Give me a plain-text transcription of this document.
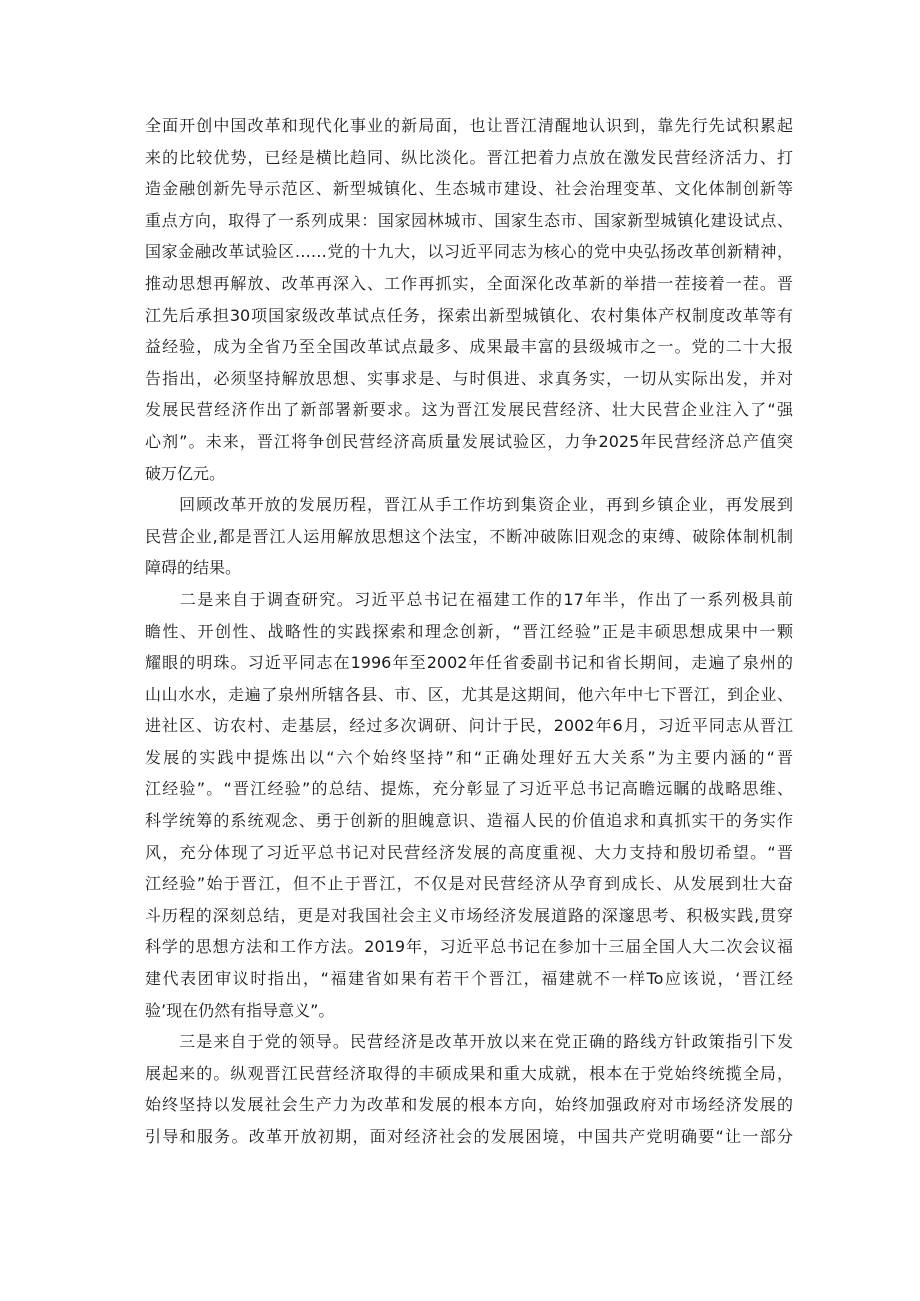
全面开创中国改革和现代化事业的新局面，也让晋江清醒地认识到，靠先行先试积累起
来的比较优势，已经是横比趋同、纵比淡化。晋江把着力点放在激发民营经济活力、打
造金融创新先导示范区、新型城镇化、生态城市建设、社会治理变革、文化体制创新等
重点方向，取得了一系列成果：国家园林城市、国家生态市、国家新型城镇化建设试点、
国家金融改革试验区……党的十九大，以习近平同志为核心的党中央弘扬改革创新精神，
推动思想再解放、改革再深入、工作再抓实，全面深化改革新的举措一茬接着一茬。晋
江先后承担30项国家级改革试点任务，探索出新型城镇化、农村集体产权制度改革等有
益经验，成为全省乃至全国改革试点最多、成果最丰富的县级城市之一。党的二十大报
告指出，必须坚持解放思想、实事求是、与时俱进、求真务实，一切从实际出发，并对
发展民营经济作出了新部署新要求。这为晋江发展民营经济、壮大民营企业注入了“强
心剂”。未来，晋江将争创民营经济高质量发展试验区，力争2025年民营经济总产值突
破万亿元。
　　回顾改革开放的发展历程，晋江从手工作坊到集资企业，再到乡镇企业，再发展到
民营企业,都是晋江人运用解放思想这个法宝，不断冲破陈旧观念的束缚、破除体制机制
障碍的结果。
　　二是来自于调查研究。习近平总书记在福建工作的17年半，作出了一系列极具前
瞻性、开创性、战略性的实践探索和理念创新，“晋江经验”正是丰硕思想成果中一颗
耀眼的明珠。习近平同志在1996年至2002年任省委副书记和省长期间，走遍了泉州的
山山水水，走遍了泉州所辖各县、市、区，尤其是这期间，他六年中七下晋江，到企业、
进社区、访农村、走基层，经过多次调研、问计于民，2002年6月，习近平同志从晋江
发展的实践中提炼出以“六个始终坚持”和“正确处理好五大关系”为主要内涵的“晋
江经验”。“晋江经验”的总结、提炼，充分彰显了习近平总书记高瞻远瞩的战略思维、
科学统筹的系统观念、勇于创新的胆魄意识、造福人民的价值追求和真抓实干的务实作
风，充分体现了习近平总书记对民营经济发展的高度重视、大力支持和殷切希望。“晋
江经验”始于晋江，但不止于晋江，不仅是对民营经济从孕育到成长、从发展到壮大奋
斗历程的深刻总结，更是对我国社会主义市场经济发展道路的深邃思考、积极实践,贯穿
科学的思想方法和工作方法。2019年，习近平总书记在参加十三届全国人大二次会议福
建代表团审议时指出，“福建省如果有若干个晋江，福建就不一样To应该说，‘晋江经
验’现在仍然有指导意义”。
　　三是来自于党的领导。民营经济是改革开放以来在党正确的路线方针政策指引下发
展起来的。纵观晋江民营经济取得的丰硕成果和重大成就，根本在于党始终统揽全局，
始终坚持以发展社会生产力为改革和发展的根本方向，始终加强政府对市场经济发展的
引导和服务。改革开放初期，面对经济社会的发展困境，中国共产党明确要“让一部分
